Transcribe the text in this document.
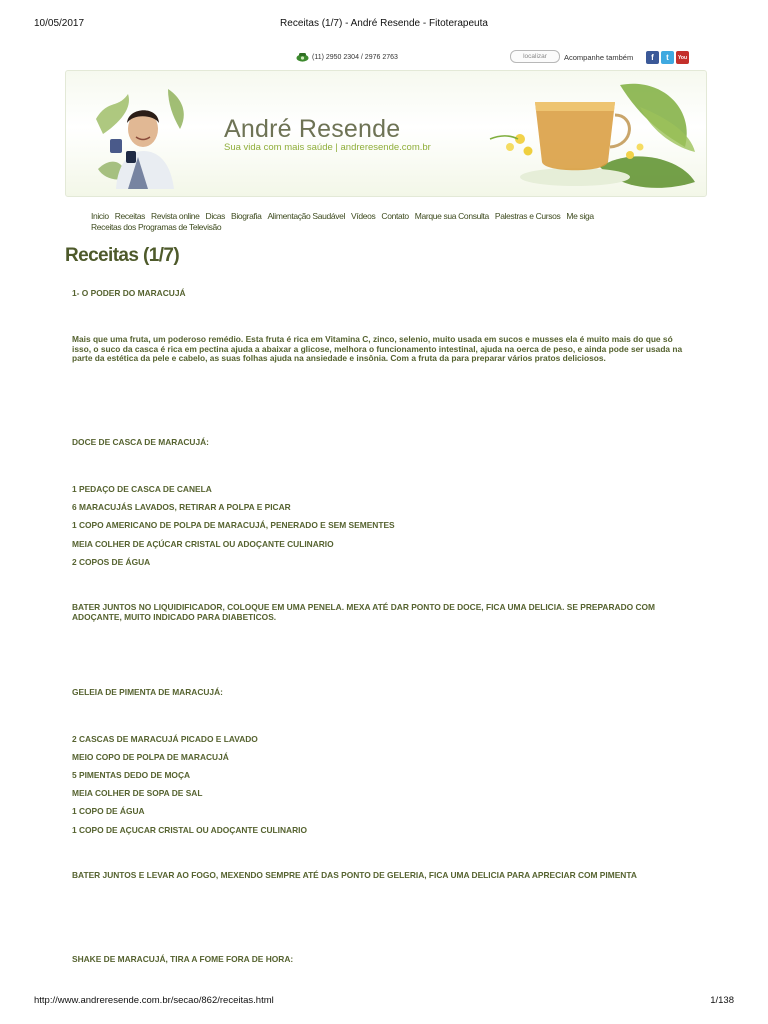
10/05/2017	Receitas (1/7) - André Resende - Fitoterapeuta
(11) 2950 2304 / 2976 2763	localizar	Acompanhe também	f	t	You
André Resende
Sua vida com mais saúde | andreresende.com.br
Inicio Receitas Revista online Dicas Biografia Alimentação Saudável Vídeos Contato Marque sua Consulta Palestras e Cursos Me siga
Receitas dos Programas de Televisão
Receitas (1/7)
1- O PODER DO MARACUJÁ
Mais que uma fruta, um poderoso remédio. Esta fruta é rica em Vitamina C, zinco, selenio, muito usada em sucos e musses ela é muito mais do que só isso, o suco da casca é rica em pectina ajuda a abaixar a glicose, melhora o funcionamento intestinal, ajuda na oerca de peso, e ainda pode ser usada na parte da estética da pele e cabelo, as suas folhas ajuda na ansiedade e insônia. Com a fruta da para preparar vários pratos deliciosos.
DOCE DE CASCA DE MARACUJÁ:
1 PEDAÇO DE CASCA DE CANELA
6 MARACUJÁS LAVADOS, RETIRAR A POLPA E PICAR
1 COPO AMERICANO DE POLPA DE MARACUJÁ, PENERADO E SEM SEMENTES
MEIA COLHER DE AÇÚCAR CRISTAL OU ADOÇANTE CULINARIO
2 COPOS DE ÁGUA
BATER JUNTOS NO LIQUIDIFICADOR, COLOQUE EM UMA PENELA. MEXA ATÉ DAR PONTO DE DOCE, FICA UMA DELICIA. SE PREPARADO COM ADOÇANTE, MUITO INDICADO PARA DIABETICOS.
GELEIA DE PIMENTA DE MARACUJÁ:
2 CASCAS DE MARACUJÁ PICADO E LAVADO
MEIO COPO DE POLPA DE MARACUJÁ
5 PIMENTAS DEDO DE MOÇA
MEIA COLHER DE SOPA DE SAL
1 COPO DE ÁGUA
1 COPO DE AÇUCAR CRISTAL OU ADOÇANTE CULINARIO
BATER JUNTOS E LEVAR AO FOGO, MEXENDO SEMPRE ATÉ DAS PONTO DE GELERIA, FICA UMA DELICIA PARA APRECIAR COM PIMENTA
SHAKE DE MARACUJÁ, TIRA A FOME FORA DE HORA:
http://www.andreresende.com.br/secao/862/receitas.html	1/138
